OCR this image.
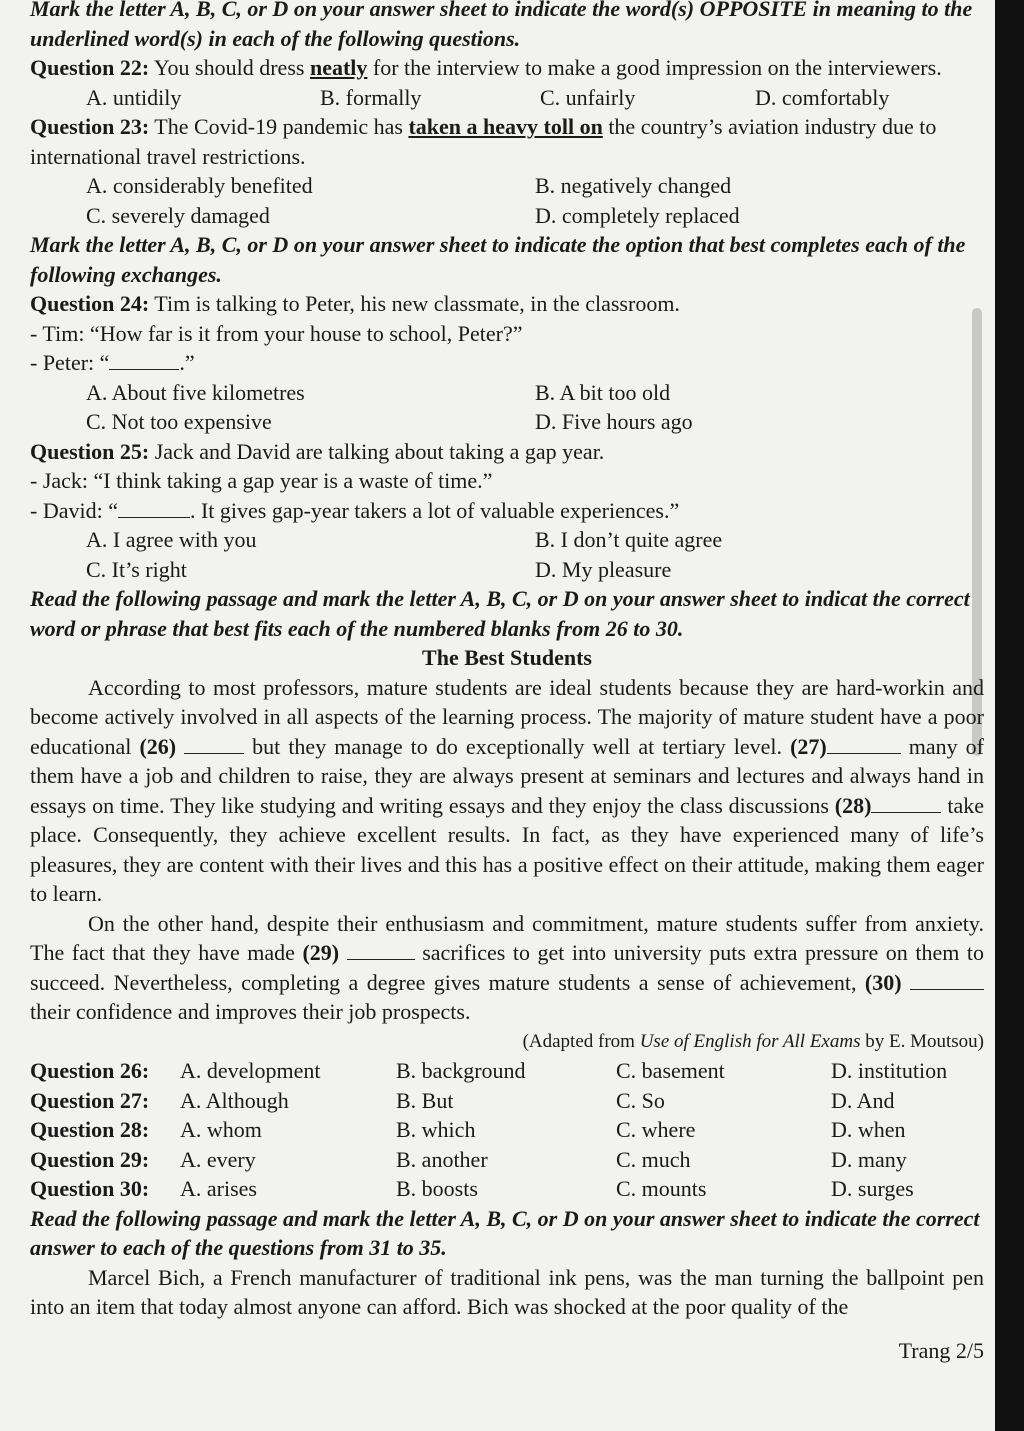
Mark the letter A, B, C, or D on your answer sheet to indicate the word(s) OPPOSITE in meaning to the underlined word(s) in each of the following questions.

Question 22: You should dress neatly for the interview to make a good impression on the interviewers.

A. untidily	B. formally	C. unfairly	D. comfortably

Question 23: The Covid-19 pandemic has taken a heavy toll on the country’s aviation industry due to international travel restrictions.

A. considerably benefited	B. negatively changed
C. severely damaged	D. completely replaced

Mark the letter A, B, C, or D on your answer sheet to indicate the option that best completes each of the following exchanges.

Question 24: Tim is talking to Peter, his new classmate, in the classroom.

- Tim: “How far is it from your house to school, Peter?”

- Peter: “	.”

A. About five kilometres	B. A bit too old
C. Not too expensive	D. Five hours ago

Question 25: Jack and David are talking about taking a gap year.

- Jack: “I think taking a gap year is a waste of time.”

- David: “	. It gives gap-year takers a lot of valuable experiences.”

A. I agree with you	B. I don’t quite agree
C. It’s right	D. My pleasure

Read the following passage and mark the letter A, B, C, or D on your answer sheet to indicat the correct word or phrase that best fits each of the numbered blanks from 26 to 30.

The Best Students

According to most professors, mature students are ideal students because they are hard-workin and become actively involved in all aspects of the learning process. The majority of mature student have a poor educational (26)	but they manage to do exceptionally well at tertiary level. (27)	many of them have a job and children to raise, they are always present at seminars and lectures and always hand in essays on time. They like studying and writing essays and they enjoy the class discussions (28)	take place. Consequently, they achieve excellent results. In fact, as they have experienced many of life’s pleasures, they are content with their lives and this has a positive effect on their attitude, making them eager to learn.

On the other hand, despite their enthusiasm and commitment, mature students suffer from anxiety. The fact that they have made (29)	sacrifices to get into university puts extra pressure on them to succeed. Nevertheless, completing a degree gives mature students a sense of achievement, (30)  their confidence and improves their job prospects.

(Adapted from Use of English for All Exams by E. Moutsou)

Question 26:	A. development	B. background	C. basement	D. institution
Question 27:	A. Although	B. But	C. So	D. And
Question 28:	A. whom	B. which	C. where	D. when
Question 29:	A. every	B. another	C. much	D. many
Question 30:	A. arises	B. boosts	C. mounts	D. surges

Read the following passage and mark the letter A, B, C, or D on your answer sheet to indicate the correct answer to each of the questions from 31 to 35.

Marcel Bich, a French manufacturer of traditional ink pens, was the man turning the ballpoint pen into an item that today almost anyone can afford. Bich was shocked at the poor quality of the

Trang 2/5
